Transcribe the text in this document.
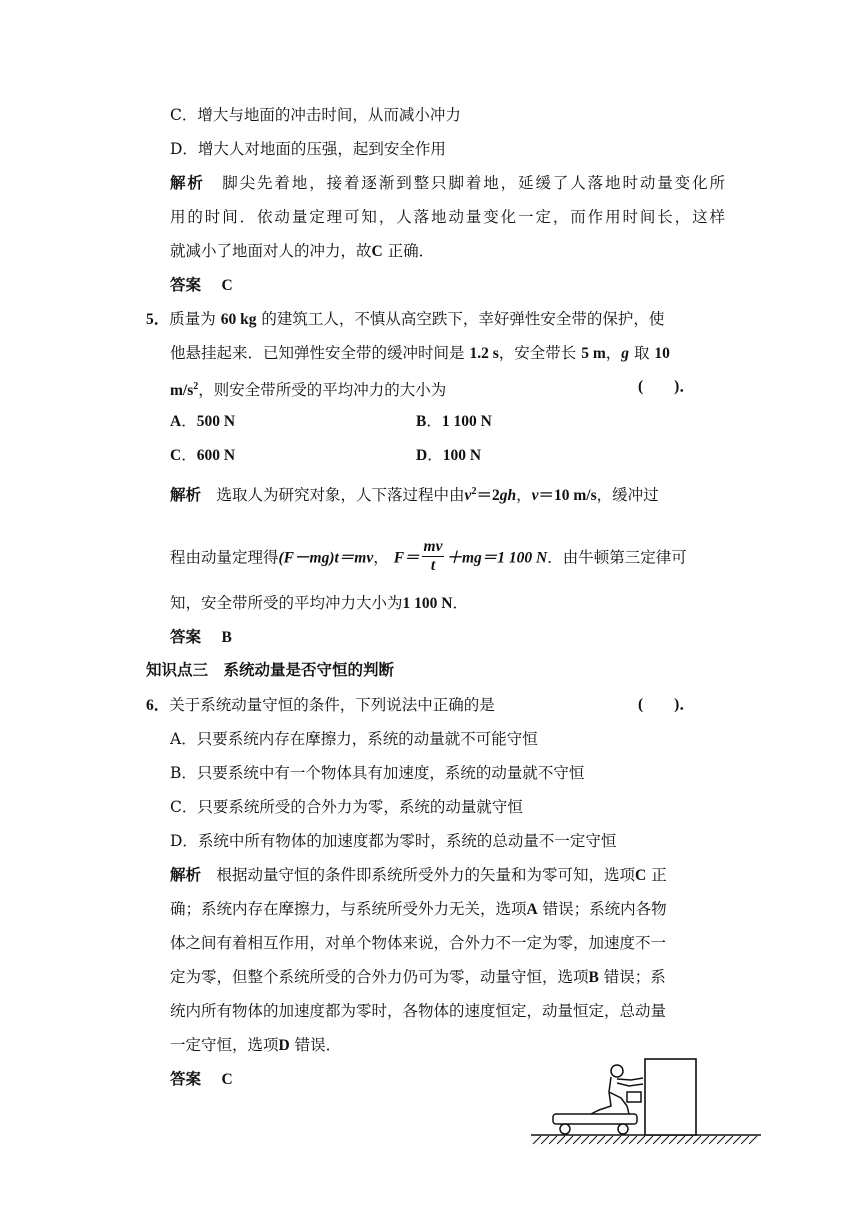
C．增大与地面的冲击时间，从而减小冲力
D．增大人对地面的压强，起到安全作用
解析　 脚尖先着地，接着逐渐到整只脚着地，延缓了人落地时动量变化所
用的时间．依动量定理可知，人落地动量变化一定，而作用时间长，这样
就减小了地面对人的冲力，故C 正确．
答案　 C
5．质量为 60 kg 的建筑工人，不慎从高空跌下，幸好弹性安全带的保护，使
他悬挂起来．已知弹性安全带的缓冲时间是 1.2 s，安全带长 5 m，g 取 10
$m/s^2$，则安全带所受的平均冲力的大小为	(　　)．
A．500 N	B．1 100 N
C．600 N	D．100 N
解析　 选取人为研究对象，人下落过程中由$v^2=2gh$，v＝10 m/s，缓冲过
程由动量定理得(F－mg)t＝mv， $F= \frac{mv}{t} +mg=1$ 100 N．由牛顿第三定律可
知，安全带所受的平均冲力大小为1 100 N．
答案　 B
知识点三　系统动量是否守恒的判断
6．关于系统动量守恒的条件，下列说法中正确的是	(　　)．
A．只要系统内存在摩擦力，系统的动量就不可能守恒
B．只要系统中有一个物体具有加速度，系统的动量就不守恒
C．只要系统所受的合外力为零，系统的动量就守恒
D．系统中所有物体的加速度都为零时，系统的总动量不一定守恒
解析　 根据动量守恒的条件即系统所受外力的矢量和为零可知，选项C 正
确；系统内存在摩擦力，与系统所受外力无关，选项A 错误；系统内各物
体之间有着相互作用，对单个物体来说，合外力不一定为零，加速度不一
定为零，但整个系统所受的合外力仍可为零，动量守恒，选项B 错误；系
统内所有物体的加速度都为零时，各物体的速度恒定，动量恒定，总动量
一定守恒，选项D 错误．
答案　 C
